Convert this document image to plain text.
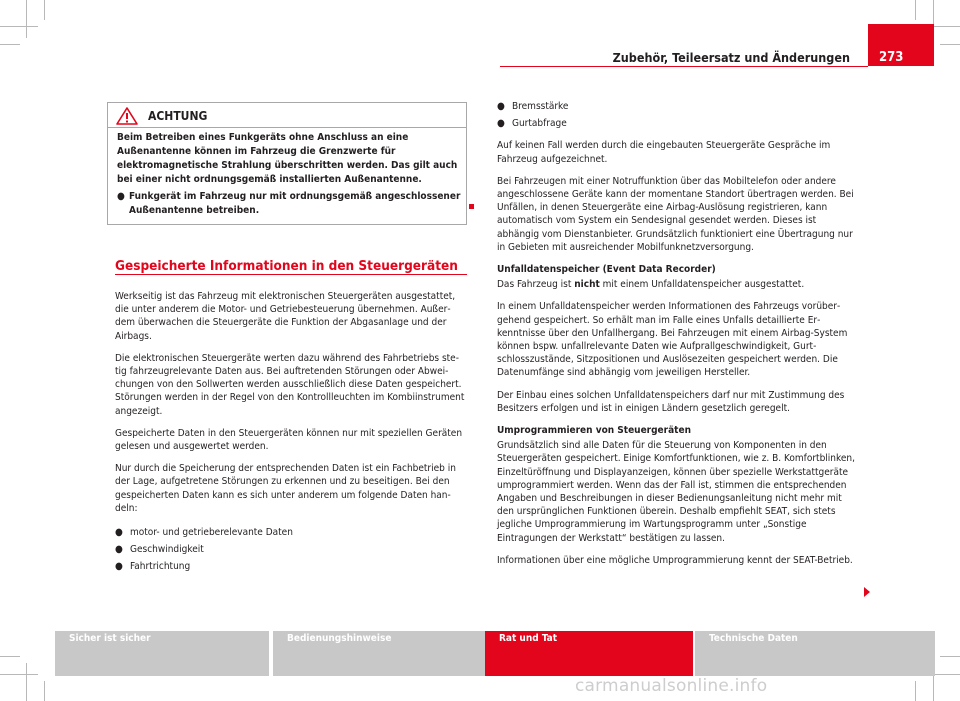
Zubehör, Teileersatz und Änderungen 273
ACHTUNG

Beim Betreiben eines Funkgeräts ohne Anschluss an eine Außenantenne können im Fahrzeug die Grenzwerte für elektromagnetische Strahlung überschritten werden. Das gilt auch bei einer nicht ordnungsgemäß installierten Außenantenne.

● Funkgerät im Fahrzeug nur mit ordnungsgemäß angeschlossener Außenantenne betreiben.

Gespeicherte Informationen in den Steuergeräten

Werkseitig ist das Fahrzeug mit elektronischen Steuergeräten ausgestattet, die unter anderem die Motor- und Getriebesteuerung übernehmen. Außerdem überwachen die Steuergeräte die Funktion der Abgasanlage und der Airbags.

Die elektronischen Steuergeräte werten dazu während des Fahrbetriebs stetig fahrzeugrelevante Daten aus. Bei auftretenden Störungen oder Abweichungen von den Sollwerten werden ausschließlich diese Daten gespeichert. Störungen werden in der Regel von den Kontrollleuchten im Kombiinstrument angezeigt.

Gespeicherte Daten in den Steuergeräten können nur mit speziellen Geräten gelesen und ausgewertet werden.

Nur durch die Speicherung der entsprechenden Daten ist ein Fachbetrieb in der Lage, aufgetretene Störungen zu erkennen und zu beseitigen. Bei den gespeicherten Daten kann es sich unter anderem um folgende Daten handeln:

● motor- und getrieberelevante Daten

● Geschwindigkeit

● Fahrtrichtung

● Bremsstärke

● Gurtabfrage

Auf keinen Fall werden durch die eingebauten Steuergeräte Gespräche im Fahrzeug aufgezeichnet.

Bei Fahrzeugen mit einer Notruffunktion über das Mobiltelefon oder andere angeschlossene Geräte kann der momentane Standort übertragen werden. Bei Unfällen, in denen Steuergeräte eine Airbag-Auslösung registrieren, kann automatisch vom System ein Sendesignal gesendet werden. Dieses ist abhängig vom Dienstanbieter. Grundsätzlich funktioniert eine Übertragung nur in Gebieten mit ausreichender Mobilfunknetzversorgung.

Unfalldatenspeicher (Event Data Recorder)

Das Fahrzeug ist nicht mit einem Unfalldatenspeicher ausgestattet.

In einem Unfalldatenspeicher werden Informationen des Fahrzeugs vorübergehend gespeichert. So erhält man im Falle eines Unfalls detaillierte Erkenntnisse über den Unfallhergang. Bei Fahrzeugen mit einem Airbag-System können bspw. unfallrelevante Daten wie Aufprallgeschwindigkeit, Gurtschlosszustände, Sitzpositionen und Auslösezeiten gespeichert werden. Die Datenumfänge sind abhängig vom jeweiligen Hersteller.

Der Einbau eines solchen Unfalldatenspeichers darf nur mit Zustimmung des Besitzers erfolgen und ist in einigen Ländern gesetzlich geregelt.

Umprogrammieren von Steuergeräten

Grundsätzlich sind alle Daten für die Steuerung von Komponenten in den Steuergeräten gespeichert. Einige Komfortfunktionen, wie z. B. Komfortblinken, Einzeltüröffnung und Displayanzeigen, können über spezielle Werkstattgeräte umprogrammiert werden. Wenn das der Fall ist, stimmen die entsprechenden Angaben und Beschreibungen in dieser Bedienungsanleitung nicht mehr mit den ursprünglichen Funktionen überein. Deshalb empfiehlt SEAT, sich stets jegliche Umprogrammierung im Wartungsprogramm unter „Sonstige Eintragungen der Werkstatt“ bestätigen zu lassen.

Informationen über eine mögliche Umprogrammierung kennt der SEAT-Betrieb.

Sicher ist sicher	Bedienungshinweise	Rat und Tat	Technische Daten
carmanualsonline.info
